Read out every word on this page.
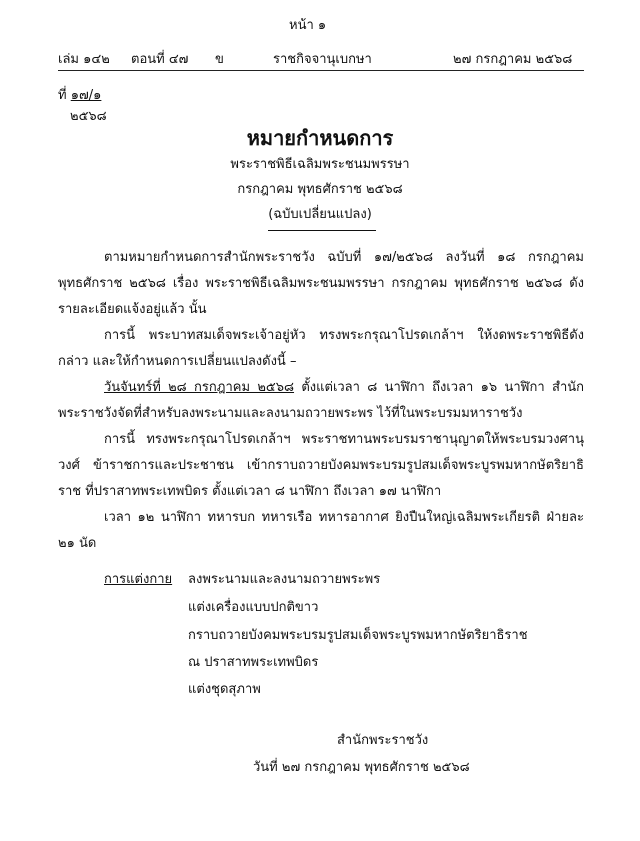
หน้า ๑
เล่ม ๑๔๒ ตอนที่ ๔๗ ข	ราชกิจจานุเบกษา	๒๗ กรกฎาคม ๒๕๖๘
ที่ ๑๗/๑
๒๕๖๘
หมายกำหนดการ
พระราชพิธีเฉลิมพระชนมพรรษา
กรกฎาคม พุทธศักราช ๒๕๖๘
(ฉบับเปลี่ยนแปลง)
ตามหมายกำหนดการสำนักพระราชวัง ฉบับที่ ๑๗/๒๕๖๘ ลงวันที่ ๑๘ กรกฎาคม พุทธศักราช ๒๕๖๘ เรื่อง พระราชพิธีเฉลิมพระชนมพรรษา กรกฎาคม พุทธศักราช ๒๕๖๘ ดังรายละเอียดแจ้งอยู่แล้ว นั้น
การนี้ พระบาทสมเด็จพระเจ้าอยู่หัว ทรงพระกรุณาโปรดเกล้าฯ ให้งดพระราชพิธีดังกล่าว และให้กำหนดการเปลี่ยนแปลงดังนี้ –
วันจันทร์ที่ ๒๘ กรกฎาคม ๒๕๖๘ ตั้งแต่เวลา ๘ นาฬิกา ถึงเวลา ๑๖ นาฬิกา สำนักพระราชวังจัดที่สำหรับลงพระนามและลงนามถวายพระพร ไว้ที่ในพระบรมมหาราชวัง
การนี้ ทรงพระกรุณาโปรดเกล้าฯ พระราชทานพระบรมราชานุญาตให้พระบรมวงศานุวงศ์ ข้าราชการและประชาชน เข้ากราบถวายบังคมพระบรมรูปสมเด็จพระบูรพมหากษัตริยาธิราช ที่ปราสาทพระเทพบิดร ตั้งแต่เวลา ๘ นาฬิกา ถึงเวลา ๑๗ นาฬิกา
เวลา ๑๒ นาฬิกา ทหารบก ทหารเรือ ทหารอากาศ ยิงปืนใหญ่เฉลิมพระเกียรติ ฝ่ายละ ๒๑ นัด
การแต่งกาย ลงพระนามและลงนามถวายพระพร
แต่งเครื่องแบบปกติขาว
กราบถวายบังคมพระบรมรูปสมเด็จพระบูรพมหากษัตริยาธิราช
ณ ปราสาทพระเทพบิดร
แต่งชุดสุภาพ
สำนักพระราชวัง
วันที่ ๒๗ กรกฎาคม พุทธศักราช ๒๕๖๘
